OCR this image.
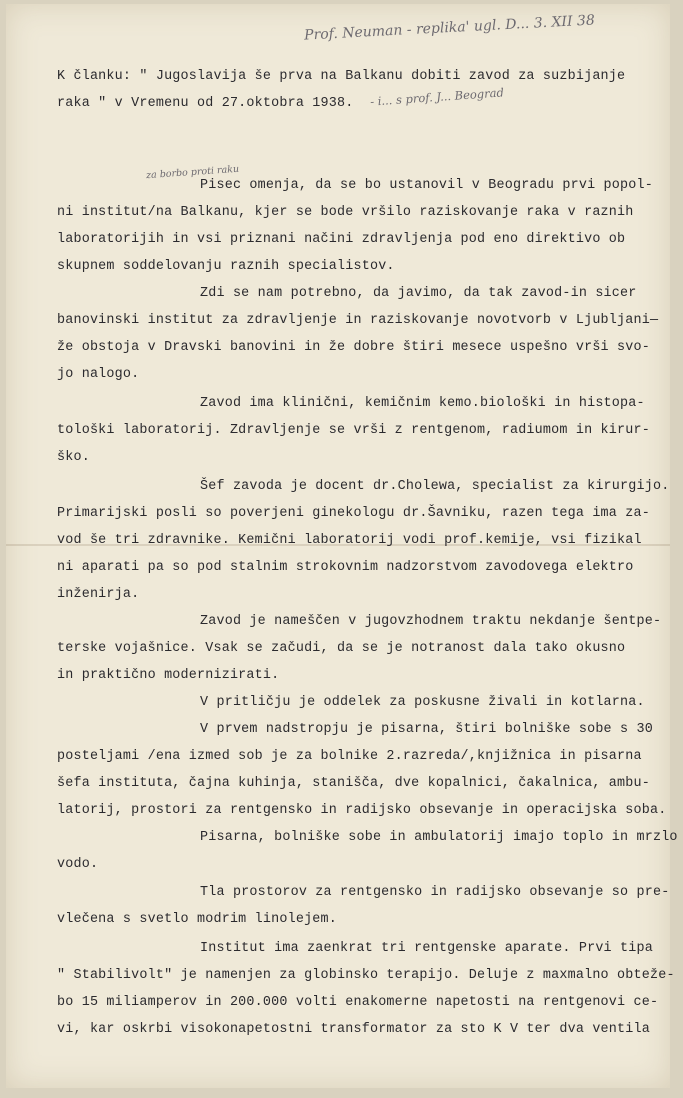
Prof. Neuman - replika' ugl. D... 3. XII 38
- i... s prof. J... Beograd
za borbo proti raku
K članku: " Jugoslavija še prva na Balkanu dobiti zavod za suzbijanje
raka " v Vremenu od 27.oktobra 1938.
Pisec omenja, da se bo ustanovil v Beogradu prvi popol-
ni institut/na Balkanu, kjer se bode vršilo raziskovanje raka v raznih
laboratorijih in vsi priznani načini zdravljenja pod eno direktivo ob
skupnem soddelovanju raznih specialistov.
Zdi se nam potrebno, da javimo, da tak zavod-in sicer
banovinski institut za zdravljenje in raziskovanje novotvorb v Ljubljani—
že obstoja v Dravski banovini in že dobre štiri mesece uspešno vrši svo-
jo nalogo.
Zavod ima klinični, kemičnim kemo.biološki in histopa-
tološki laboratorij. Zdravljenje se vrši z rentgenom, radiumom in kirur-
ško.
Šef zavoda je docent dr.Cholewa, specialist za kirurgijo.
Primarijski posli so poverjeni ginekologu dr.Šavniku, razen tega ima za-
vod še tri zdravnike. Kemični laboratorij vodi prof.kemije, vsi fizikal
ni aparati pa so pod stalnim strokovnim nadzorstvom zavodovega elektro
inženirja.
Zavod je nameščen v jugovzhodnem traktu nekdanje šentpe-
terske vojašnice. Vsak se začudi, da se je notranost dala tako okusno
in praktično modernizirati.
V pritličju je oddelek za poskusne živali in kotlarna.
V prvem nadstropju je pisarna, štiri bolniške sobe s 30
posteljami /ena izmed sob je za bolnike 2.razreda/,knjižnica in pisarna
šefa instituta, čajna kuhinja, stanišča, dve kopalnici, čakalnica, ambu-
latorij, prostori za rentgensko in radijsko obsevanje in operacijska soba.
Pisarna, bolniške sobe in ambulatorij imajo toplo in mrzlo
vodo.
Tla prostorov za rentgensko in radijsko obsevanje so pre-
vlečena s svetlo modrim linolejem.
Institut ima zaenkrat tri rentgenske aparate. Prvi tipa
" Stabilivolt" je namenjen za globinsko terapijo. Deluje z maxmalno obteže-
bo 15 miliamperov in 200.000 volti enakomerne napetosti na rentgenovi ce-
vi, kar oskrbi visokonapetostni transformator za sto K V ter dva ventila
